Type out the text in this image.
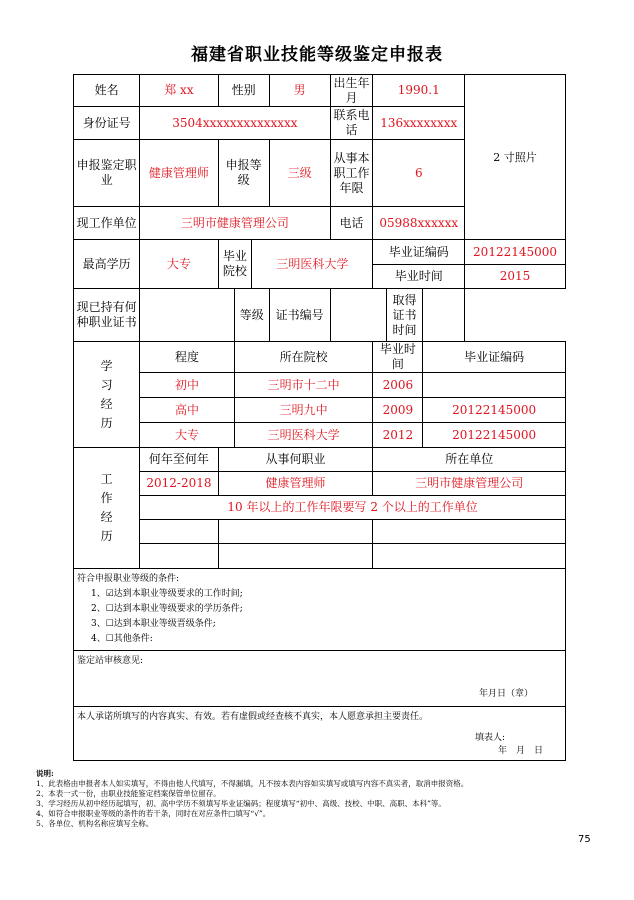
福建省职业技能等级鉴定申报表
姓名	郑 xx	性别			男	出生年月	1990.1			2 寸照片
身份证号	3504xxxxxxxxxxxxxx					联系电话	136xxxxxxxx			
申报鉴定职业	健康管理师	申报等级			三级	从事本职工作年限	6			
现工作单位	三明市健康管理公司					电话	05988xxxxxx			
最高学历	大专	毕业院校		三明医科大学			毕业证编码			20122145000
							毕业时间			2015
现已持有何种职业证书			等级		证书编号			取得证书时间		
学习经历	程度		所在院校				毕业时间		毕业证编码	
	初中		三明市十二中				2006			
	高中		三明九中				2009		20122145000	
	大专		三明医科大学				2012		20122145000	
工作经历	何年至何年	从事何职业					所在单位			
	2012-2018	健康管理师					三明市健康管理公司			
	10 年以上的工作年限要写 2 个以上的工作单位									

符合申报职业等级的条件:
1、☑达到本职业等级要求的工作时间;
2、☐达到本职业等级要求的学历条件;
3、☐达到本职业等级晋级条件;
4、☐其他条件:										

鉴定站审核意见:
年月日（章）										

本人承诺所填写的内容真实、有效。若有虚假或经查核不真实，本人愿意承担主要责任。
填表人:
年　月　日										
说明:
1、此表格由申报者本人如实填写，不得由他人代填写，不得漏填，凡不按本表内容如实填写或填写内容不真实者，取消申报资格。
2、本表一式一份，由职业技能鉴定档案保管单位留存。
3、学习经历从初中经历起填写，初、高中学历不须填写毕业证编码；程度填写“初中、高级、技校、中职、高职、本科”等。
4、如符合申报职业等级的条件的若干条，同时在对应条件□填写“√”。
5、各单位、机构名称应填写全称。
75
